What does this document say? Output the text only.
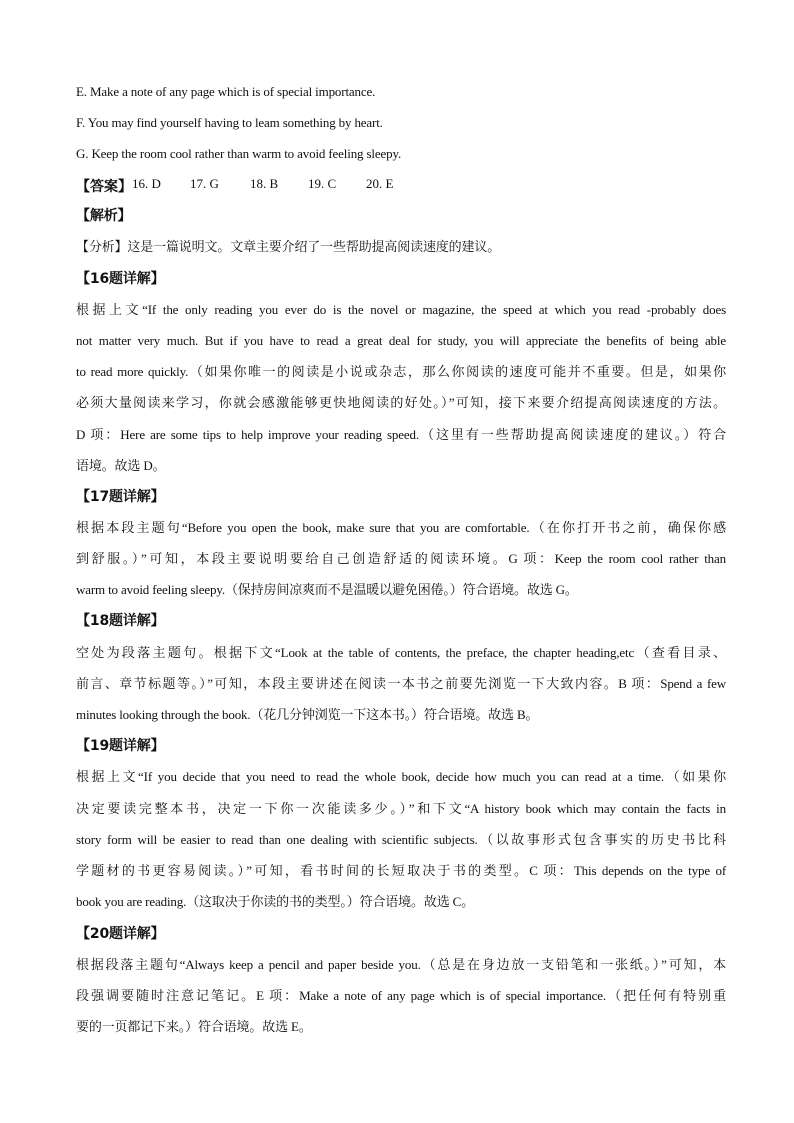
E. Make a note of any page which is of special importance.
F. You may find yourself having to leam something by heart.
G. Keep the room cool rather than warm to avoid feeling sleepy.
【答案】 16. D 17. G 18. B 19. C 20. E
【解析】
【分析】这是一篇说明文。文章主要介绍了一些帮助提高阅读速度的建议。
【16题详解】
根据上文“If the only reading you ever do is the novel or magazine, the speed at which you read -probably does
not matter very much. But if you have to read a great deal for study, you will appreciate the benefits of being able
to read more quickly.（如果你唯一的阅读是小说或杂志，那么你阅读的速度可能并不重要。但是，如果你
必须大量阅读来学习，你就会感激能够更快地阅读的好处。）”可知，接下来要介绍提高阅读速度的方法。
D 项：Here are some tips to help improve your reading speed.（这里有一些帮助提高阅读速度的建议。）符合
语境。故选 D。
【17题详解】
根据本段主题句“Before you open the book, make sure that you are comfortable.（在你打开书之前，确保你感
到舒服。）”可知，本段主要说明要给自己创造舒适的阅读环境。G 项：Keep the room cool rather than
warm to avoid feeling sleepy.（保持房间凉爽而不是温暖以避免困倦。）符合语境。故选 G。
【18题详解】
空处为段落主题句。根据下文“Look at the table of contents, the preface, the chapter heading,etc（查看目录、
前言、章节标题等。）”可知，本段主要讲述在阅读一本书之前要先浏览一下大致内容。B 项：Spend a few
minutes looking through the book.（花几分钟浏览一下这本书。）符合语境。故选 B。
【19题详解】
根据上文“If you decide that you need to read the whole book, decide how much you can read at a time.（如果你
决定要读完整本书，决定一下你一次能读多少。）”和下文“A history book which may contain the facts in
story form will be easier to read than one dealing with scientific subjects.（以故事形式包含事实的历史书比科
学题材的书更容易阅读。）”可知，看书时间的长短取决于书的类型。C 项：This depends on the type of
book you are reading.（这取决于你读的书的类型。）符合语境。故选 C。
【20题详解】
根据段落主题句“Always keep a pencil and paper beside you.（总是在身边放一支铅笔和一张纸。）”可知，本
段强调要随时注意记笔记。E 项：Make a note of any page which is of special importance.（把任何有特别重
要的一页都记下来。）符合语境。故选 E。
